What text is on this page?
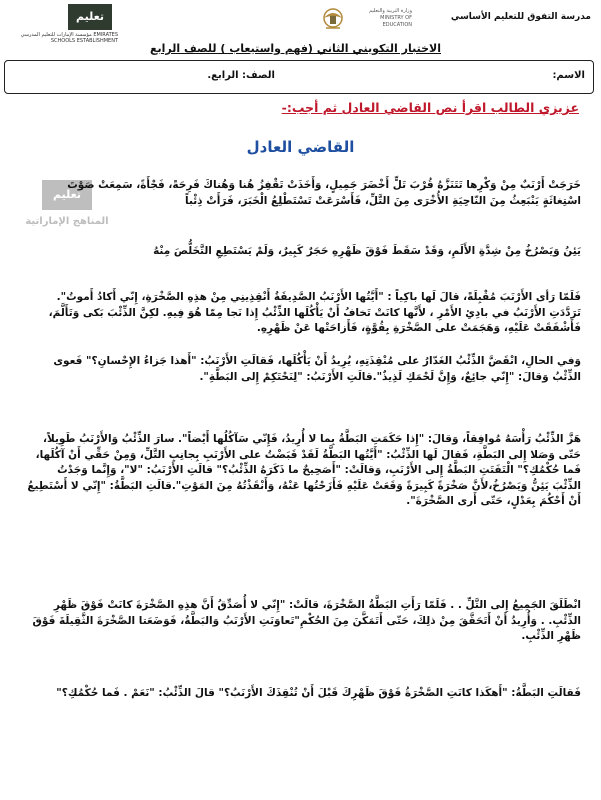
تعليم
مؤسسة الإمارات للتعليم المدرسي EMIRATES SCHOOLS ESTABLISHMENT
وزارة التربية والتعليم MINISTRY OF EDUCATION
مدرسة التفوق للتعليم الأساسي
الاختبار التكويني الثاني (فهم واستيعاب ) للصف الرابع
الاسم:
الصف: الرابع.
عزيزي الطالب اقرأ نص القاضي العادل ثم أجب:-
القاضي العادل
تعليم
المناهج الإماراتية

خَرَجَتْ أَرْنَبٌ مِنْ وَكْرِها تَتَنَزَّهُ قُرْبَ تَلٍّ أَخْضَرَ جَمِيلٍ، وَأَخَذَتْ تَقْفِزُ هُنا وَهُناكَ فَرِحَةً، فَجْأَةً، سَمِعَتْ صَوْتَ اسْتِغاثَةٍ يَنْبَعِثُ مِنَ النّاحِيَةِ الأُخْرَى مِنَ التَّلِّ، فَأَسْرَعَتْ تَسْتَطْلِعُ الْخَبَرَ، فَرَأَتْ ذِئْباً

يَئِنُ وَيَصْرُخُ مِنْ شِدَّةِ الأَلَمِ، وَقَدْ سَقَطَ فَوْقَ ظَهْرِهِ حَجَرٌ كَبِيرٌ، وَلَمْ يَسْتَطِعِ التَّخَلُّصَ مِنْهُ

فَلَمّا رَأى الأَرْنَبَ مُقْبِلَةً، قالَ لَها باكِياً : "أَيَّتُها الأَرْنَبُ الصَّدِيقَةُ أَنْقِذِينِي مِنْ هذِهِ الصَّخْرَةِ، إِنّي أَكادُ أَموتُ". تَرَدَّدَتِ الأَرْنَبُ في بادِئِ الأَمْرِ ، لأَنَّها كانَتْ تَخافُ أَنْ يَأْكُلَها الذِّئْبُ إِذا نَجا مِمّا هُوَ فِيهِ. لكِنَّ الذِّئْبَ بَكى وَتَأَلَّمَ، فَأَشْفَقَتْ عَلَيْهِ، وَهَجَمَتْ على الصَّخْرَةِ بِقُوَّةٍ، فَأَزاحَتْها عَنْ ظَهْرِهِ.

وَفي الحالِ، انْقَضَّ الذِّئْبُ الغَدّارُ على مُنْقِذَتِهِ، يُرِيدُ أَنْ يَأْكُلَها، فَقالَتِ الأَرْنَبُ: "أَهذا جَزاءُ الإِحْسانِ؟" فَعوى الذِّئْبُ وَقالَ: "إِنّي جائِعٌ، وَإِنَّ لَحْمَكِ لَذِيذٌ".قالَتِ الأَرْنَبُ: "لِنَحْتَكِمْ إِلى البَطَّةِ".

هَزَّ الذِّئْبُ رَأْسَهُ مُوافِقاً، وَقالَ: "إِذا حَكَمَتِ البَطَّةُ بِما لا أُرِيدُ، فَإِنّي سَآكُلُها أَيْضاً". سارَ الذِّئْبُ وَالأَرْنَبُ طَوِيلاً، حَتّى وَصَلا إِلى البَطَّةِ، فَقالَ لَها الذِّئْبُ: "أَيَّتُها البَطَّةُ لَقَدْ قَبَضْتُ على الأَرْنَبِ بِجانِبِ التَّلِّ، وَمِنْ حَقِّي أَنْ آكُلَها، فَما حُكْمُكِ؟" الْتَفَتَتِ البَطَّةُ إِلى الأَرْنَبِ، وَقالَتْ: "أَصَحِيحٌ ما ذَكَرَهُ الذِّئْبُ؟" قالَتِ الأَرْنَبُ: "لا"، وَإِنَّما وَجَدْتُ الذِّئْبَ يَئِنُّ وَيَصْرُخُ،لأَنَّ صَخْرَةً كَبِيرَةً وَقَعَتْ عَلَيْهِ فَأَزَحْتُها عَنْهُ، وَأَنْقَذْتُهُ مِنَ المَوْتِ".قالَتِ البَطَّةُ: "إِنّي لا أَسْتَطِيعُ أَنْ أَحْكُمَ بِعَدْلٍ، حَتّى أَرى الصَّخْرَةَ".

انْطَلَقَ الجَمِيعُ إِلى التَّلِّ . . فَلَمّا رَأَتِ البَطَّةُ الصَّخْرَةَ، قالَتْ: "إِنّي لا أُصَدِّقُ أَنَّ هذِهِ الصَّخْرَةَ كانَتْ فَوْقَ ظَهْرِ الذِّئْبِ. . وَأُرِيدُ أَنْ أَتَحَقَّقَ مِنْ ذلِكَ، حَتّى أَتَمَكَّنَ مِنَ الحُكْمِ"تَعاوَنَتِ الأَرْنَبُ وَالبَطَّةُ، فَوَضَعَتا الصَّخْرَةَ الثَّقِيلَةَ فَوْقَ ظَهْرِ الذِّئْبِ.

فَقالَتِ البَطَّةُ: "أَهكَذا كانَتِ الصَّخْرَةُ فَوْقَ ظَهْرِكَ قَبْلَ أَنْ تُنْقِذَكَ الأَرْنَبُ؟" قالَ الذِّئْبُ: "نَعَمْ . فَما حُكْمُكِ؟"
